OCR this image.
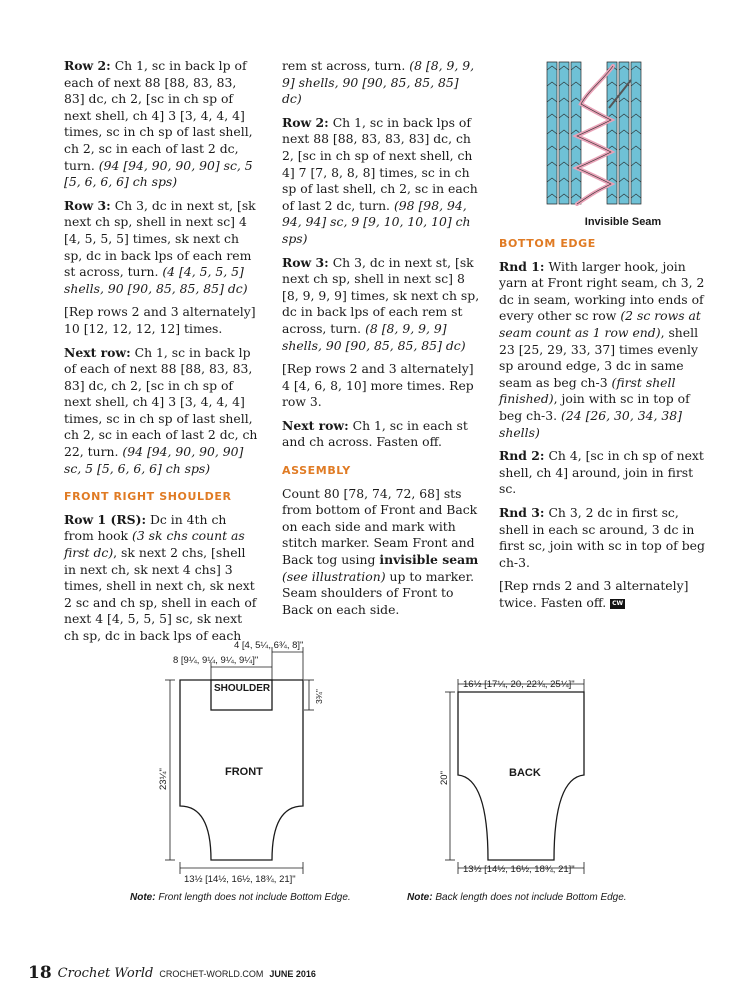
Row 2: Ch 1, sc in back lp of each of next 88 [88, 83, 83, 83] dc, ch 2, [sc in ch sp of next shell, ch 4] 3 [3, 4, 4, 4] times, sc in ch sp of last shell, ch 2, sc in each of last 2 dc, turn. (94 [94, 90, 90, 90] sc, 5 [5, 6, 6, 6] ch sps)

Row 3: Ch 3, dc in next st, [sk next ch sp, shell in next sc] 4 [4, 5, 5, 5] times, sk next ch sp, dc in back lps of each rem st across, turn. (4 [4, 5, 5, 5] shells, 90 [90, 85, 85, 85] dc)

[Rep rows 2 and 3 alternately] 10 [12, 12, 12, 12] times.

Next row: Ch 1, sc in back lp of each of next 88 [88, 83, 83, 83] dc, ch 2, [sc in ch sp of next shell, ch 4] 3 [3, 4, 4, 4] times, sc in ch sp of last shell, ch 2, sc in each of last 2 dc, ch 22, turn. (94 [94, 90, 90, 90] sc, 5 [5, 6, 6, 6] ch sps)

FRONT RIGHT SHOULDER

Row 1 (RS): Dc in 4th ch from hook (3 sk chs count as first dc), sk next 2 chs, [shell in next ch, sk next 4 chs] 3 times, shell in next ch, sk next 2 sc and ch sp, shell in each of next 4 [4, 5, 5, 5] sc, sk next ch sp, dc in back lps of each

rem st across, turn. (8 [8, 9, 9, 9] shells, 90 [90, 85, 85, 85] dc)

Row 2: Ch 1, sc in back lps of next 88 [88, 83, 83, 83] dc, ch 2, [sc in ch sp of next shell, ch 4] 7 [7, 8, 8, 8] times, sc in ch sp of last shell, ch 2, sc in each of last 2 dc, turn. (98 [98, 94, 94, 94] sc, 9 [9, 10, 10, 10] ch sps)

Row 3: Ch 3, dc in next st, [sk next ch sp, shell in next sc] 8 [8, 9, 9, 9] times, sk next ch sp, dc in back lps of each rem st across, turn. (8 [8, 9, 9, 9] shells, 90 [90, 85, 85, 85] dc)

[Rep rows 2 and 3 alternately] 4 [4, 6, 8, 10] more times. Rep row 3.

Next row: Ch 1, sc in each st and ch across. Fasten off.

ASSEMBLY

Count 80 [78, 74, 72, 68] sts from bottom of Front and Back on each side and mark with stitch marker. Seam Front and Back tog using invisible seam (see illustration) up to marker. Seam shoulders of Front to Back on each side.

Invisible Seam
BOTTOM EDGE

Rnd 1: With larger hook, join yarn at Front right seam, ch 3, 2 dc in seam, working into ends of every other sc row (2 sc rows at seam count as 1 row end), shell 23 [25, 29, 33, 37] times evenly sp around edge, 3 dc in same seam as beg ch-3 (first shell finished), join with sc in top of beg ch-3. (24 [26, 30, 34, 38] shells)

Rnd 2: Ch 4, [sc in ch sp of next shell, ch 4] around, join in first sc.

Rnd 3: Ch 3, 2 dc in first sc, shell in each sc around, 3 dc in first sc, join with sc in top of beg ch-3.

[Rep rnds 2 and 3 alternately] twice. Fasten off. CW

4 [4, 5¼, 6¾, 8]"
8 [9¼, 9¼, 9¼, 9¼]"
SHOULDER
FRONT	BACK
3¾"
23¼"	20"
13½ [14½, 16½, 18¾, 21]"
16½ [17¼, 20, 22¾, 25¼]"
13½ [14½, 16½, 18¾, 21]"
Note: Front length does not include Bottom Edge.	Note: Back length does not include Bottom Edge.
18 Crochet World CROCHET-WORLD.COM JUNE 2016
